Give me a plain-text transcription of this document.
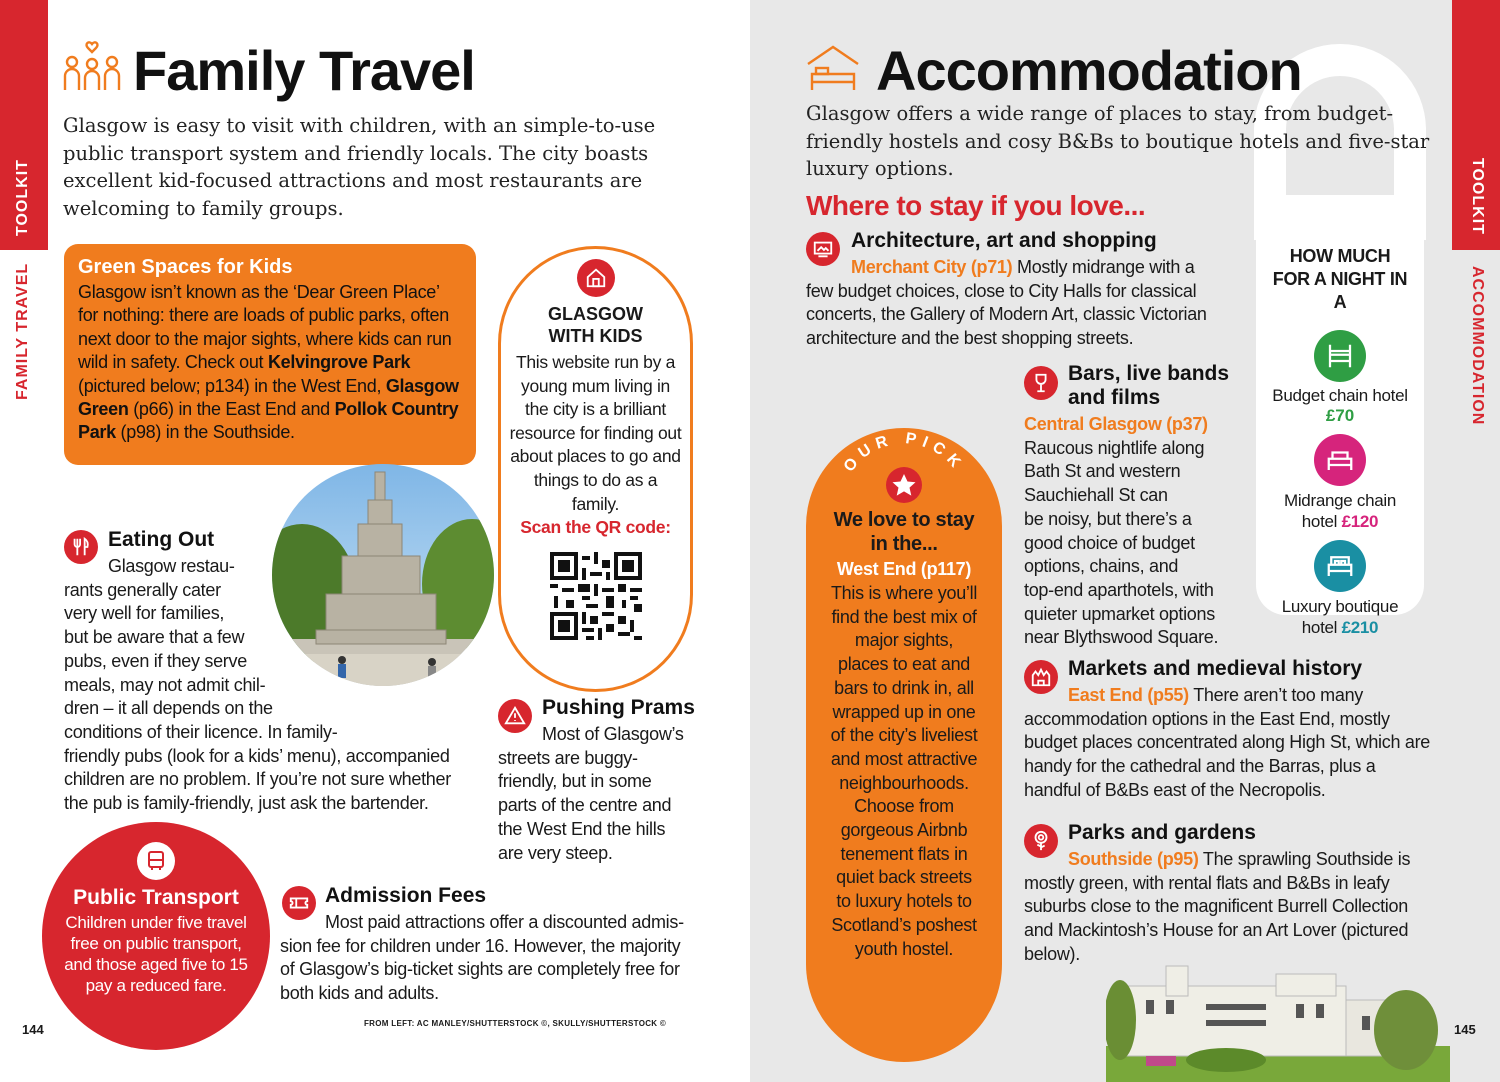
TOOLKIT
FAMILY TRAVEL
TOOLKIT
ACCOMMODATION
Family Travel

Glasgow is easy to visit with children, with an simple-to-use public transport system and friendly locals. The city boasts excellent kid-focused attractions and most restaurants are welcoming to family groups.

Green Spaces for Kids

Glasgow isn’t known as the ‘Dear Green Place’ for nothing: there are loads of public parks, often next door to the major sights, where kids can run wild in safety. Check out Kelvingrove Park (pictured below; p134) in the West End, Glasgow Green (p66) in the East End and Pollok Country Park (p98) in the Southside.

GLASGOW WITH KIDS

This website run by a young mum living in the city is a brilliant resource for finding out about places to go and things to do as a family.

Scan the QR code:
Eating Out
Glasgow restau-
rants generally cater
very well for families,
but be aware that a few
pubs, even if they serve
meals, may not admit chil-
dren – it all depends on the
conditions of their licence. In family-
friendly pubs (look for a kids’ menu), accompanied
children are no problem. If you’re not sure whether
the pub is family-friendly, just ask the bartender.
Pushing Prams
Most of Glasgow’s
streets are buggy-
friendly, but in some
parts of the centre and
the West End the hills
are very steep.
Public Transport

Children under five travel free on public transport, and those aged five to 15 pay a reduced fare.

Admission Fees
Most paid attractions offer a discounted admis-
sion fee for children under 16. However, the majority
of Glasgow’s big-ticket sights are completely free for
both kids and adults.
144	FROM LEFT: AC MANLEY/SHUTTERSTOCK ©, SKULLY/SHUTTERSTOCK ©
Accommodation

Glasgow offers a wide range of places to stay, from budget-friendly hostels and cosy B&Bs to boutique hotels and five-star luxury options.

Where to stay if you love...
Architecture, art and shopping

Merchant City (p71) Mostly midrange with a few budget choices, close to City Halls for classical concerts, the Gallery of Modern Art, classic Victorian architecture and the best shopping streets.

Bars, live bands
and films
Central Glasgow (p37)
Raucous nightlife along
Bath St and western
Sauchiehall St can
be noisy, but there’s a
good choice of budget
options, chains, and
top-end aparthotels, with
quieter upmarket options
near Blythswood Square.
Markets and medieval history

East End (p55) There aren’t too many accommodation options in the East End, mostly budget places concentrated along High St, which are handy for the cathedral and the Barras, plus a handful of B&Bs east of the Necropolis.

Parks and gardens

Southside (p95) The sprawling Southside is mostly green, with rental flats and B&Bs in leafy suburbs close to the magnificent Burrell Collection and Mackintosh’s House for an Art Lover (pictured below).

OUR PICK
We love to stay in the...
West End (p117)

This is where you’ll find the best mix of major sights, places to eat and bars to drink in, all wrapped up in one of the city’s liveliest and most attractive neighbourhoods. Choose from gorgeous Airbnb tenement flats in quiet back streets to luxury hotels to Scotland’s poshest youth hostel.

HOW MUCH FOR A NIGHT IN A
Budget chain hotel
£70
Midrange chain hotel £120
Luxury boutique hotel £210
145
